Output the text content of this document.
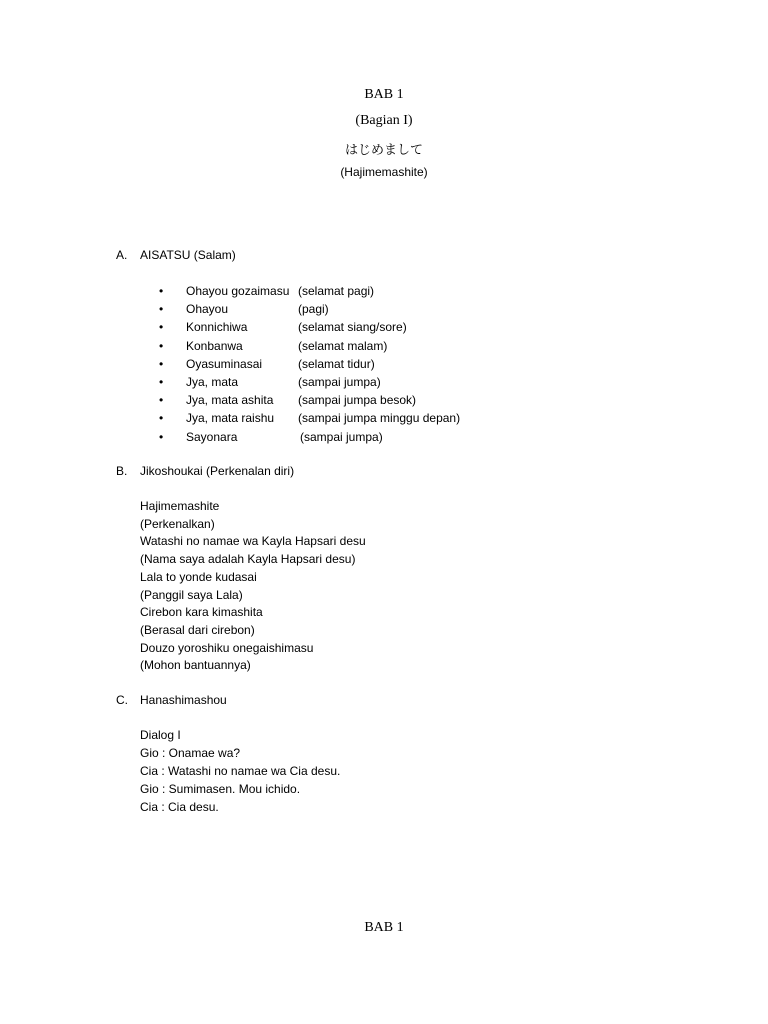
BAB 1
(Bagian I)
はじめまして
(Hajimemashite)
A. AISATSU (Salam)
• Ohayou gozaimasu (selamat pagi)
• Ohayou	(pagi)
• Konnichiwa	(selamat siang/sore)
• Konbanwa	(selamat malam)
• Oyasuminasai	(selamat tidur)
• Jya, mata	(sampai jumpa)
• Jya, mata ashita (sampai jumpa besok)
• Jya, mata raishu (sampai jumpa minggu depan)
• Sayonara	(sampai jumpa)
B. Jikoshoukai (Perkenalan diri)
Hajimemashite
(Perkenalkan)
Watashi no namae wa Kayla Hapsari desu
(Nama saya adalah Kayla Hapsari desu)
Lala to yonde kudasai
(Panggil saya Lala)
Cirebon kara kimashita
(Berasal dari cirebon)
Douzo yoroshiku onegaishimasu
(Mohon bantuannya)
C. Hanashimashou
Dialog I
Gio : Onamae wa?
Cia : Watashi no namae wa Cia desu.
Gio : Sumimasen. Mou ichido.
Cia : Cia desu.
BAB 1
